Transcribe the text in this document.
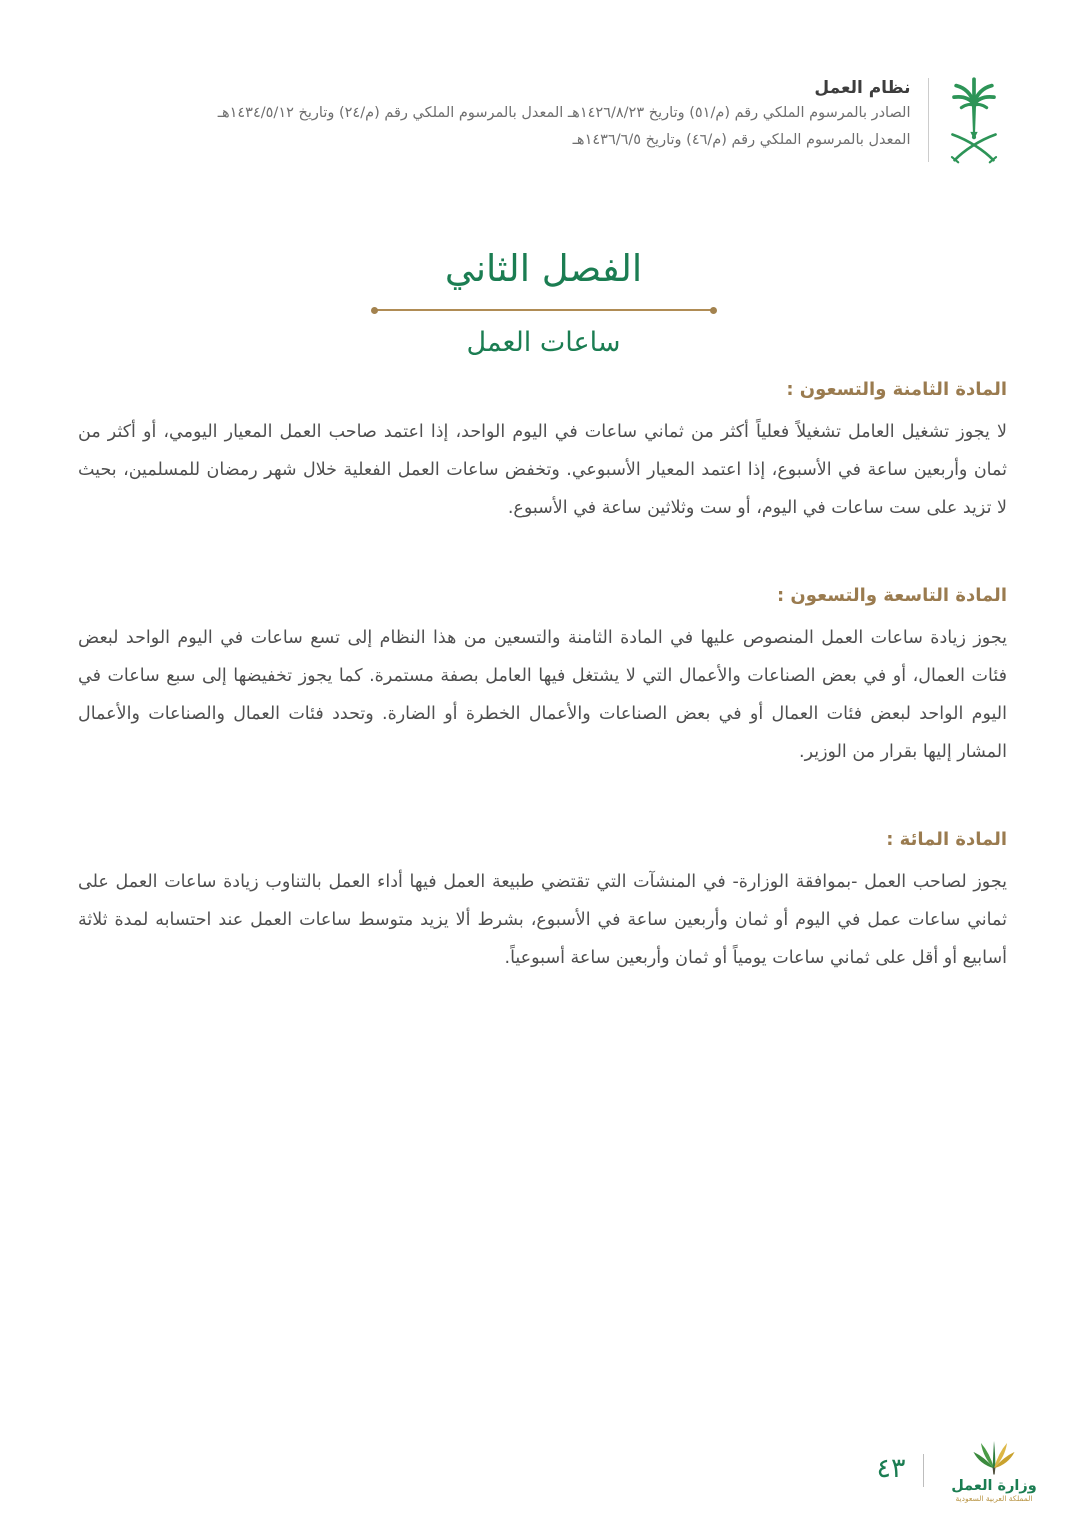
نظام العمل
الصادر بالمرسوم الملكي رقم (م/٥١) وتاريخ ١٤٢٦/٨/٢٣هـ المعدل بالمرسوم الملكي رقم (م/٢٤) وتاريخ ١٤٣٤/٥/١٢هـ
المعدل بالمرسوم الملكي رقم (م/٤٦) وتاريخ ١٤٣٦/٦/٥هـ
الفصل الثاني
ساعات العمل
المادة الثامنة والتسعون :

لا يجوز تشغيل العامل تشغيلاً فعلياً أكثر من ثماني ساعات في اليوم الواحد، إذا اعتمد صاحب العمل المعيار اليومي، أو أكثر من ثمان وأربعين ساعة في الأسبوع، إذا اعتمد المعيار الأسبوعي. وتخفض ساعات العمل الفعلية خلال شهر رمضان للمسلمين، بحيث لا تزيد على ست ساعات في اليوم، أو ست وثلاثين ساعة في الأسبوع.

المادة التاسعة والتسعون :

يجوز زيادة ساعات العمل المنصوص عليها في المادة الثامنة والتسعين من هذا النظام إلى تسع ساعات في اليوم الواحد لبعض فئات العمال، أو في بعض الصناعات والأعمال التي لا يشتغل فيها العامل بصفة مستمرة. كما يجوز تخفيضها إلى سبع ساعات في اليوم الواحد لبعض فئات العمال أو في بعض الصناعات والأعمال الخطرة أو الضارة. وتحدد فئات العمال والصناعات والأعمال المشار إليها بقرار من الوزير.

المادة المائة :

يجوز لصاحب العمل -بموافقة الوزارة- في المنشآت التي تقتضي طبيعة العمل فيها أداء العمل بالتناوب زيادة ساعات العمل على ثماني ساعات عمل في اليوم أو ثمان وأربعين ساعة في الأسبوع، بشرط ألا يزيد متوسط ساعات العمل عند احتسابه لمدة ثلاثة أسابيع أو أقل على ثماني ساعات يومياً أو ثمان وأربعين ساعة أسبوعياً.

٤٣
وزارة العمل
المملكة العربية السعودية
